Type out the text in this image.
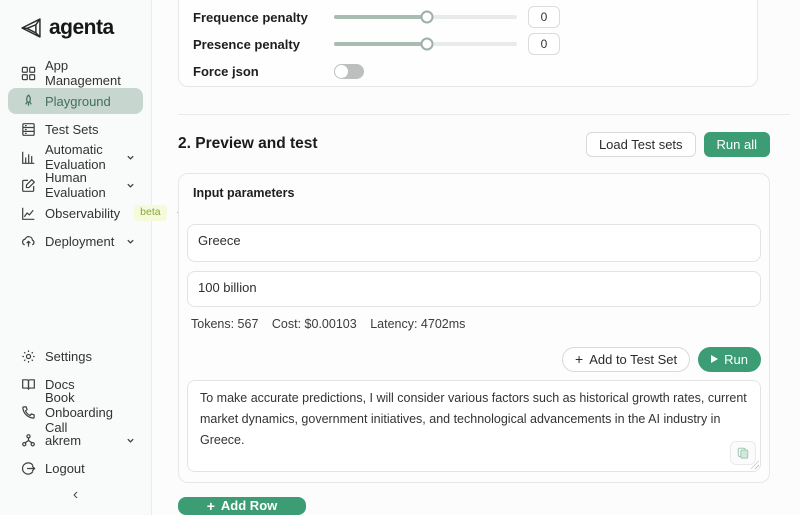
agenta
App Management
Playground
Test Sets
Automatic Evaluation
Human Evaluation
Observability	beta
Deployment
Settings
Docs
Book Onboarding Call
akrem
Logout
‹
Frequence penalty	0
Presence penalty	0
Force json
2. Preview and test	Load Test sets	Run all
Input parameters
Greece
100 billion
Tokens: 567 Cost: $0.00103 Latency: 4702ms
+ Add to Test Set	Run
To make accurate predictions, I will consider various factors such as historical growth rates, current market dynamics, government initiatives, and technological advancements in the AI industry in Greece. 1) Expected Compound Annual Growth Rate (CAGR) of the AI Market: Considering the significant investment of 100 billion million dollars in AI in Greece, we can expect a robust growth rate. Assuming steady growth over the next five years, an estimated CAGR of around 30% to 35% could be anticipated.
+ Add Row
